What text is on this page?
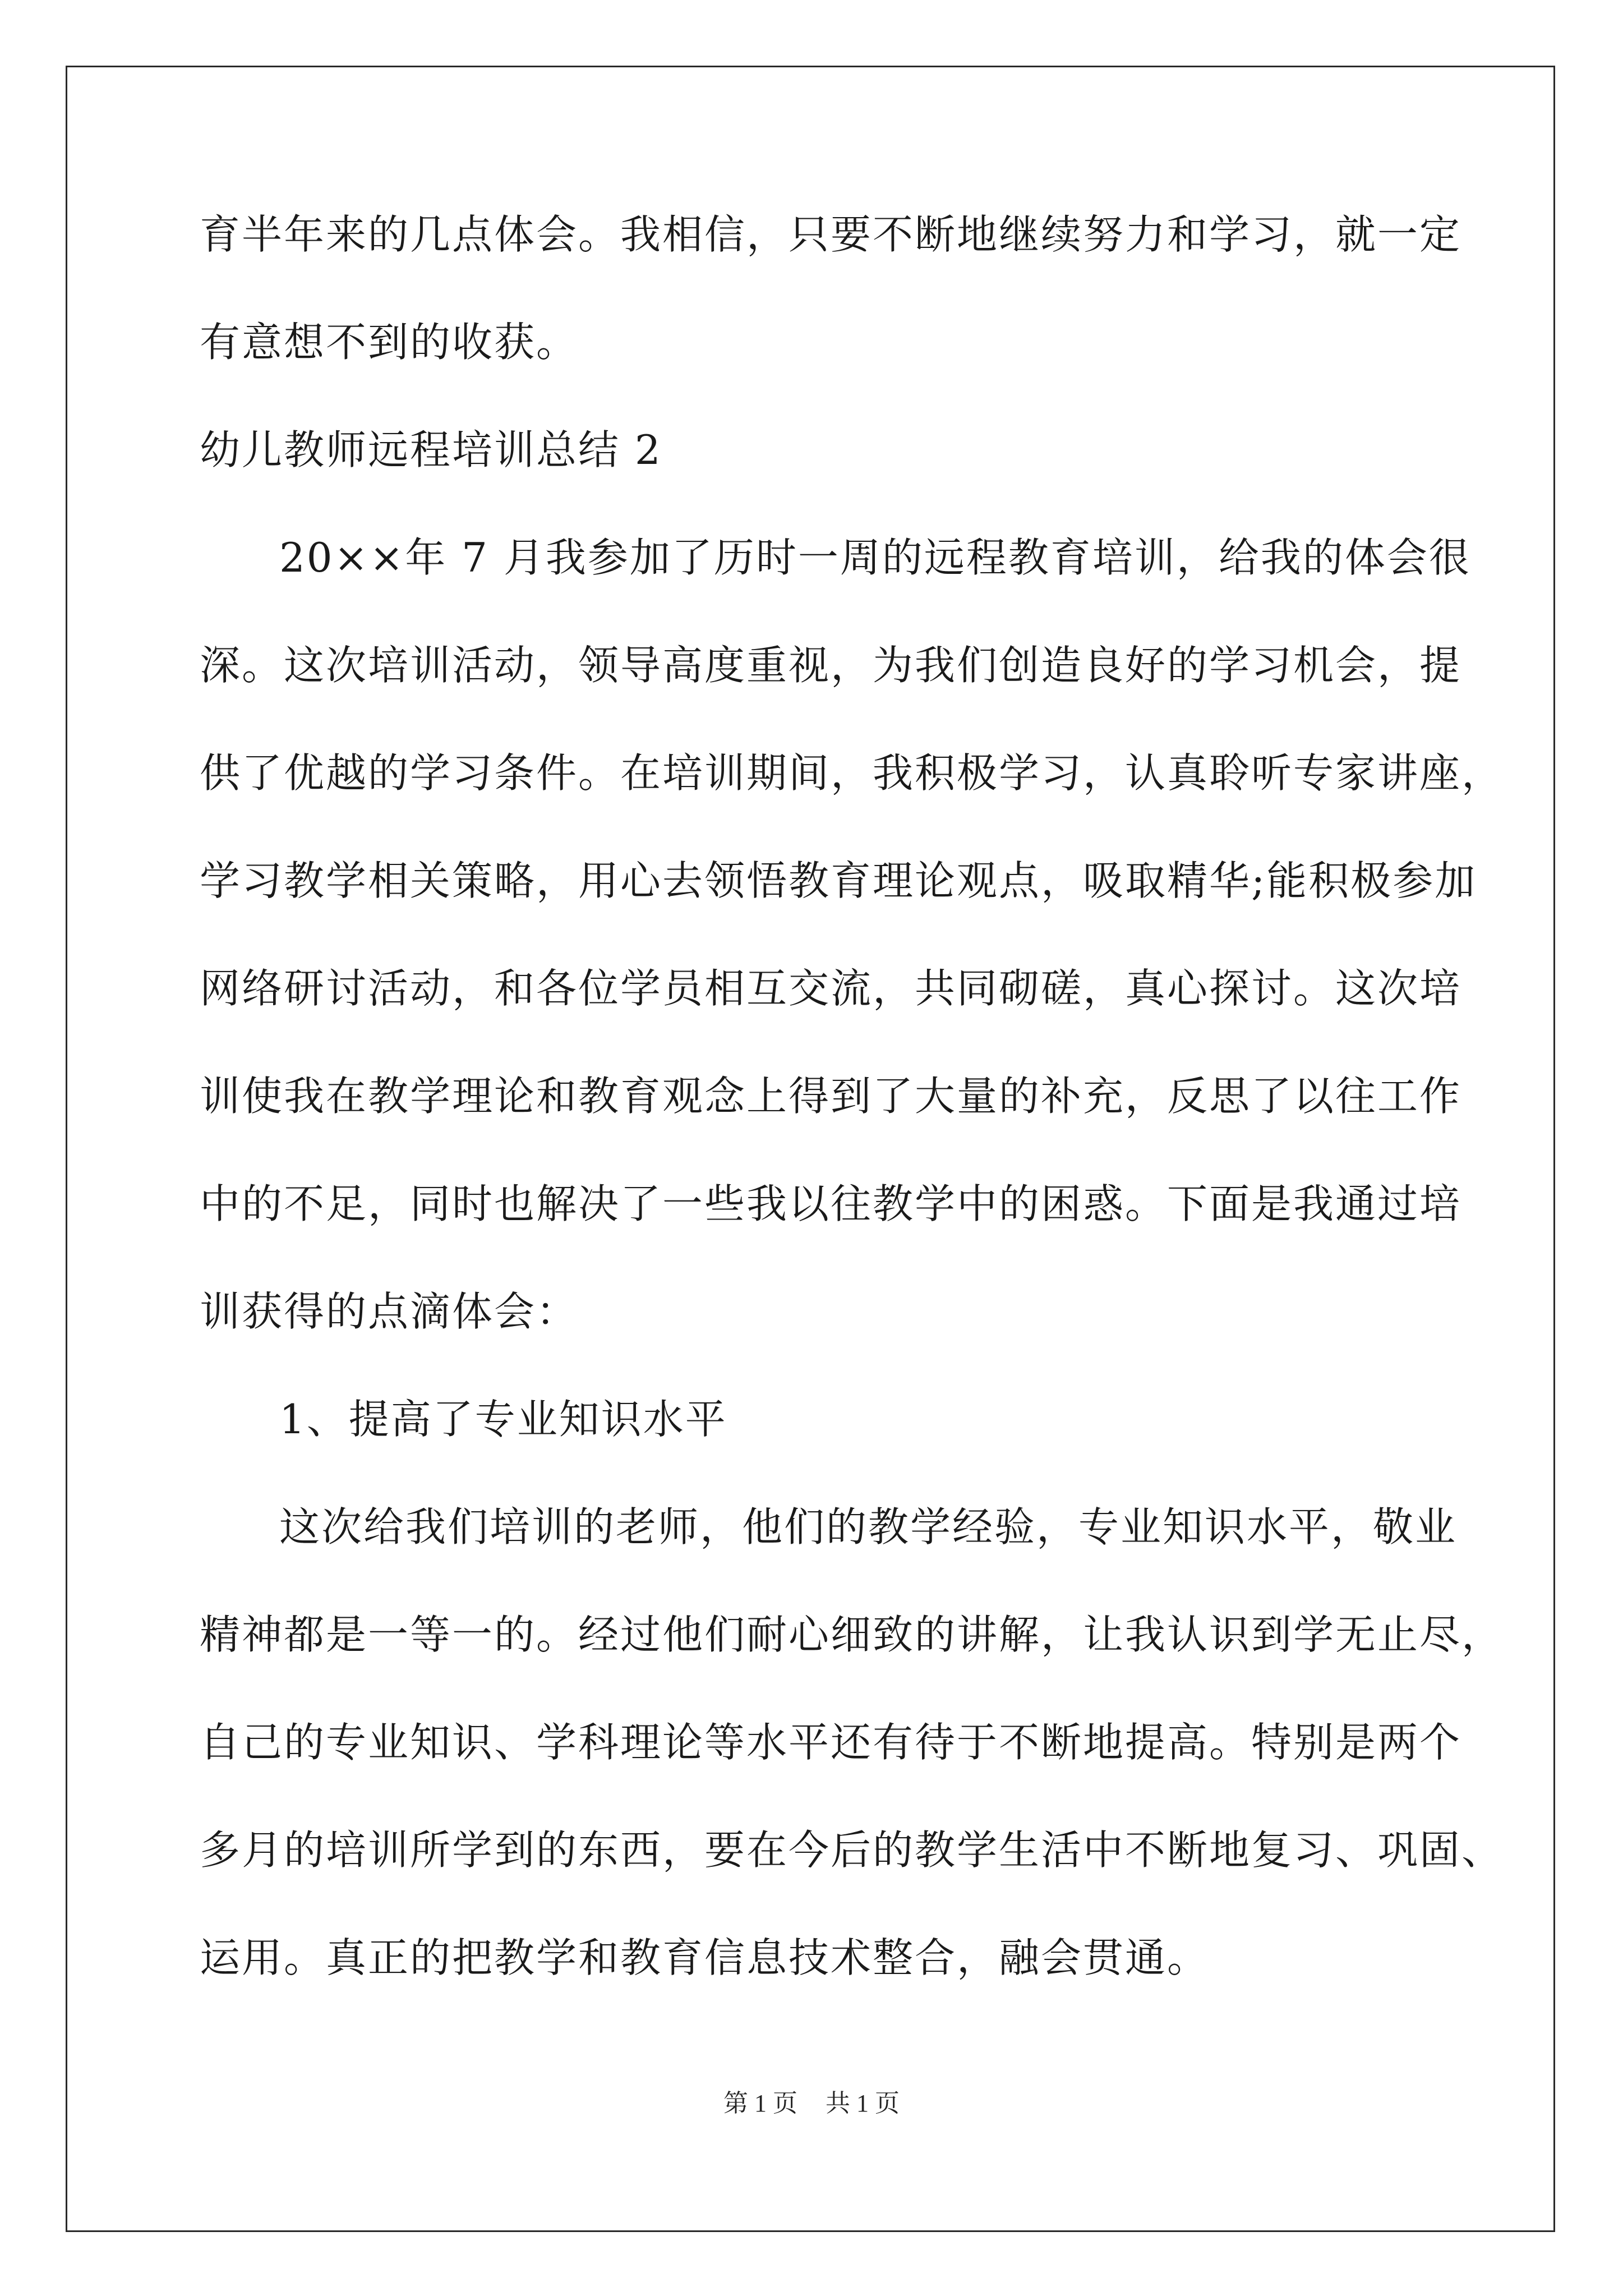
育半年来的几点体会。我相信，只要不断地继续努力和学习，就一定
有意想不到的收获。
幼儿教师远程培训总结 2
20××年 7 月我参加了历时一周的远程教育培训，给我的体会很
深。这次培训活动，领导高度重视，为我们创造良好的学习机会，提
供了优越的学习条件。在培训期间，我积极学习，认真聆听专家讲座，
学习教学相关策略，用心去领悟教育理论观点，吸取精华;能积极参加
网络研讨活动，和各位学员相互交流，共同砌磋，真心探讨。这次培
训使我在教学理论和教育观念上得到了大量的补充，反思了以往工作
中的不足，同时也解决了一些我以往教学中的困惑。下面是我通过培
训获得的点滴体会：
1、提高了专业知识水平
这次给我们培训的老师，他们的教学经验，专业知识水平，敬业
精神都是一等一的。经过他们耐心细致的讲解，让我认识到学无止尽，
自己的专业知识、学科理论等水平还有待于不断地提高。特别是两个
多月的培训所学到的东西，要在今后的教学生活中不断地复习、巩固、
运用。真正的把教学和教育信息技术整合，融会贯通。
第 1 页 共 1 页
